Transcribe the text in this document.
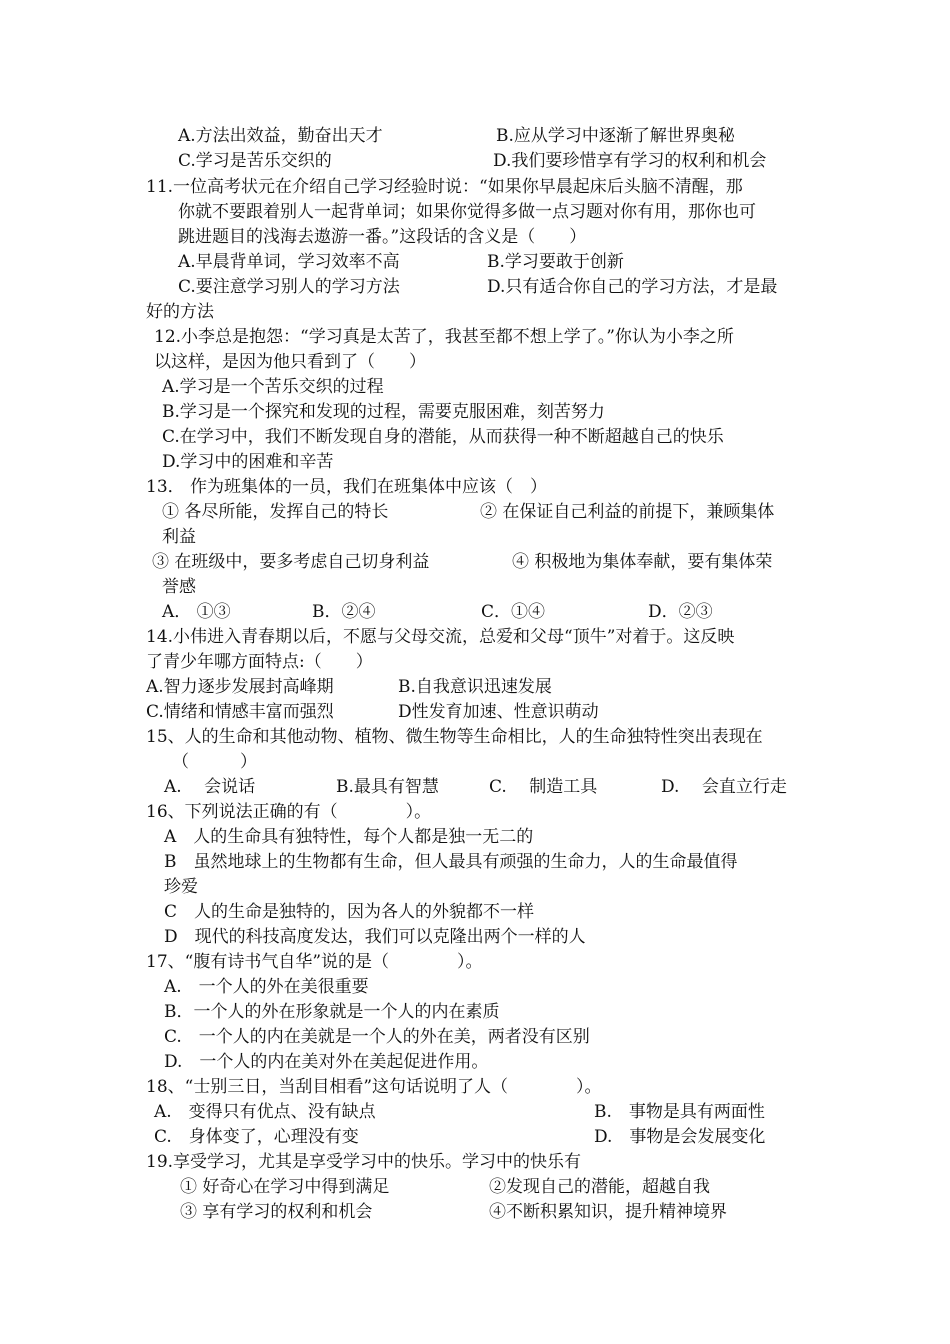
A.方法出效益，勤奋出天才	B.应从学习中逐渐了解世界奥秘
C.学习是苦乐交织的	D.我们要珍惜享有学习的权利和机会
11.一位高考状元在介绍自己学习经验时说：“如果你早晨起床后头脑不清醒，那
你就不要跟着别人一起背单词；如果你觉得多做一点习题对你有用，那你也可
跳进题目的浅海去遨游一番。”这段话的含义是（　　）
A.早晨背单词，学习效率不高	B.学习要敢于创新
C.要注意学习别人的学习方法	D.只有适合你自己的学习方法，才是最
好的方法
12.小李总是抱怨：“学习真是太苦了，我甚至都不想上学了。”你认为小李之所
以这样，是因为他只看到了（　　）
A.学习是一个苦乐交织的过程
B.学习是一个探究和发现的过程，需要克服困难，刻苦努力
C.在学习中，我们不断发现自身的潜能，从而获得一种不断超越自己的快乐
D.学习中的困难和辛苦
13． 作为班集体的一员，我们在班集体中应该（　）
① 各尽所能，发挥自己的特长	② 在保证自己利益的前提下，兼顾集体
利益
③ 在班级中，要多考虑自己切身利益	④ 积极地为集体奉献，要有集体荣
誉感
A． ①③	B．②④	C．①④	D．②③
14.小伟进入青春期以后，不愿与父母交流，总爱和父母“顶牛”对着于。这反映
了青少年哪方面特点:（　　）
A.智力逐步发展封高峰期	B.自我意识迅速发展
C.情绪和情感丰富而强烈	D性发育加速、性意识萌动
15、人的生命和其他动物、植物、微生物等生命相比，人的生命独特性突出表现在
（　　　）
A.　 会说话	B.最具有智慧	C.　 制造工具	D.　 会直立行走
16、下列说法正确的有（　　　　）。
A　人的生命具有独特性，每个人都是独一无二的
B　虽然地球上的生物都有生命，但人最具有顽强的生命力，人的生命最值得
珍爱
C　人的生命是独特的，因为各人的外貌都不一样
D　现代的科技高度发达，我们可以克隆出两个一样的人
17、“腹有诗书气自华”说的是（　　　　）。
A.　一个人的外在美很重要
B．一个人的外在形象就是一个人的内在素质
C.　一个人的内在美就是一个人的外在美，两者没有区别
D.　一个人的内在美对外在美起促进作用。
18、“士别三日，当刮目相看”这句话说明了人（　　　　）。
A.　变得只有优点、没有缺点	B.　事物是具有两面性
C.　身体变了，心理没有变	D.　事物是会发展变化
19.享受学习，尤其是享受学习中的快乐。学习中的快乐有
① 好奇心在学习中得到满足	②发现自己的潜能，超越自我
③ 享有学习的权利和机会	④不断积累知识，提升精神境界
